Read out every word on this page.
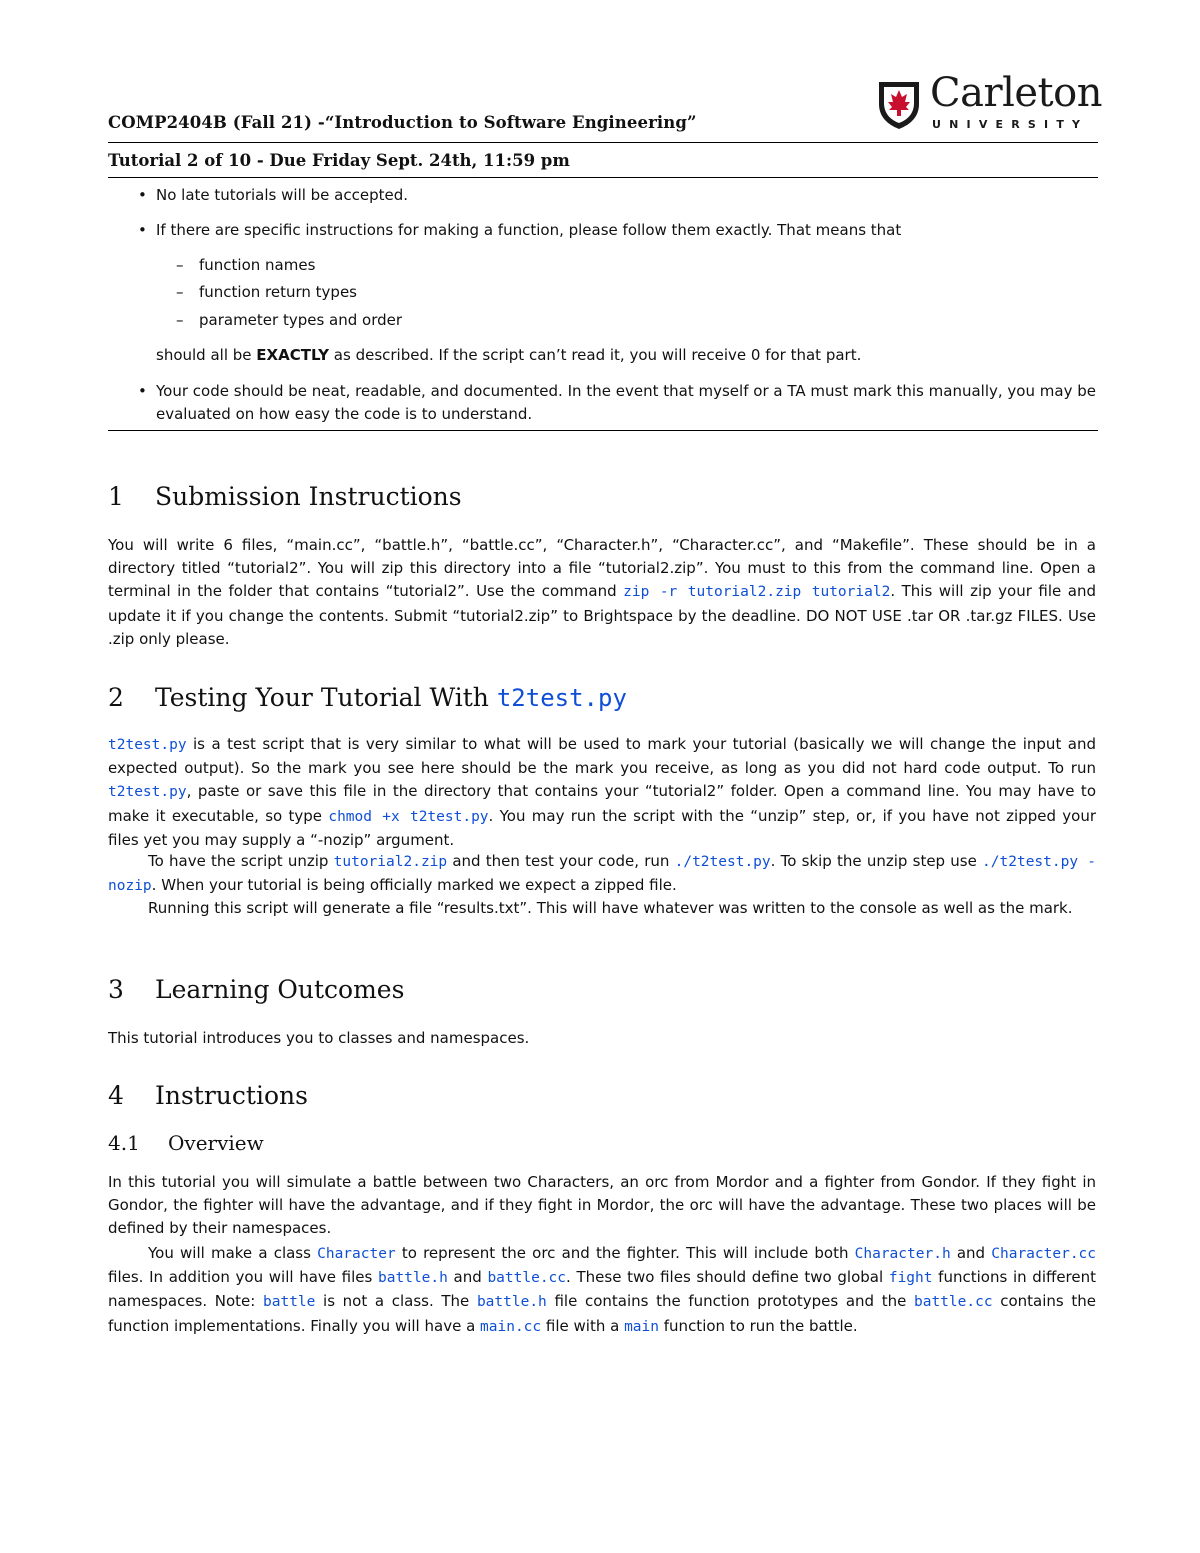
Carleton
UNIVERSITY
COMP2404B (Fall 21) -“Introduction to Software Engineering”
Tutorial 2 of 10 - Due Friday Sept. 24th, 11:59 pm
• No late tutorials will be accepted.
• If there are specific instructions for making a function, please follow them exactly. That means that
– function names
– function return types
– parameter types and order
should all be EXACTLY as described. If the script can’t read it, you will receive 0 for that part.
• Your code should be neat, readable, and documented. In the event that myself or a TA must mark this manually, you may be evaluated on how easy the code is to understand.
1 Submission Instructions
You will write 6 files, “main.cc”, “battle.h”, “battle.cc”, “Character.h”, “Character.cc”, and “Makefile”. These should be in a directory titled “tutorial2”. You will zip this directory into a file “tutorial2.zip”. You must to this from the command line. Open a terminal in the folder that contains “tutorial2”. Use the command zip -r tutorial2.zip tutorial2. This will zip your file and update it if you change the contents. Submit “tutorial2.zip” to Brightspace by the deadline. DO NOT USE .tar OR .tar.gz FILES. Use .zip only please.
2 Testing Your Tutorial With t2test.py
t2test.py is a test script that is very similar to what will be used to mark your tutorial (basically we will change the input and expected output). So the mark you see here should be the mark you receive, as long as you did not hard code output. To run t2test.py, paste or save this file in the directory that contains your “tutorial2” folder. Open a command line. You may have to make it executable, so type chmod +x t2test.py. You may run the script with the “unzip” step, or, if you have not zipped your files yet you may supply a “-nozip” argument.
To have the script unzip tutorial2.zip and then test your code, run ./t2test.py. To skip the unzip step use ./t2test.py -nozip. When your tutorial is being officially marked we expect a zipped file.
Running this script will generate a file “results.txt”. This will have whatever was written to the console as well as the mark.
3 Learning Outcomes
This tutorial introduces you to classes and namespaces.
4 Instructions
4.1 Overview
In this tutorial you will simulate a battle between two Characters, an orc from Mordor and a fighter from Gondor. If they fight in Gondor, the fighter will have the advantage, and if they fight in Mordor, the orc will have the advantage. These two places will be defined by their namespaces.
You will make a class Character to represent the orc and the fighter. This will include both Character.h and Character.cc files. In addition you will have files battle.h and battle.cc. These two files should define two global fight functions in different namespaces. Note: battle is not a class. The battle.h file contains the function prototypes and the battle.cc contains the function implementations. Finally you will have a main.cc file with a main function to run the battle.
